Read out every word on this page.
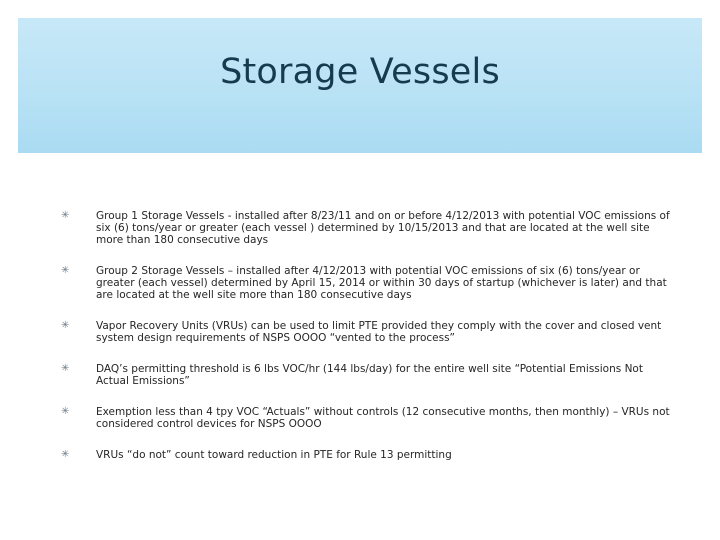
Storage Vessels
✳	Group 1 Storage Vessels - installed after 8/23/11 and on or before 4/12/2013 with potential VOC emissions of six (6) tons/year or greater (each vessel ) determined by 10/15/2013 and that are located at the well site more than 180 consecutive days
✳	Group 2 Storage Vessels – installed after 4/12/2013 with potential VOC emissions of six (6) tons/year or greater (each vessel) determined by April 15, 2014 or within 30 days of startup (whichever is later) and that are located at the well site more than 180 consecutive days
✳	Vapor Recovery Units (VRUs) can be used to limit PTE provided they comply with the cover and closed vent system design requirements of NSPS OOOO “vented to the process”
✳	DAQ’s permitting threshold is 6 lbs VOC/hr (144 lbs/day) for the entire well site “Potential Emissions Not Actual Emissions”
✳	Exemption less than 4 tpy VOC “Actuals” without controls (12 consecutive months, then monthly) – VRUs not considered control devices for NSPS OOOO
✳	VRUs “do not” count toward reduction in PTE for Rule 13 permitting
